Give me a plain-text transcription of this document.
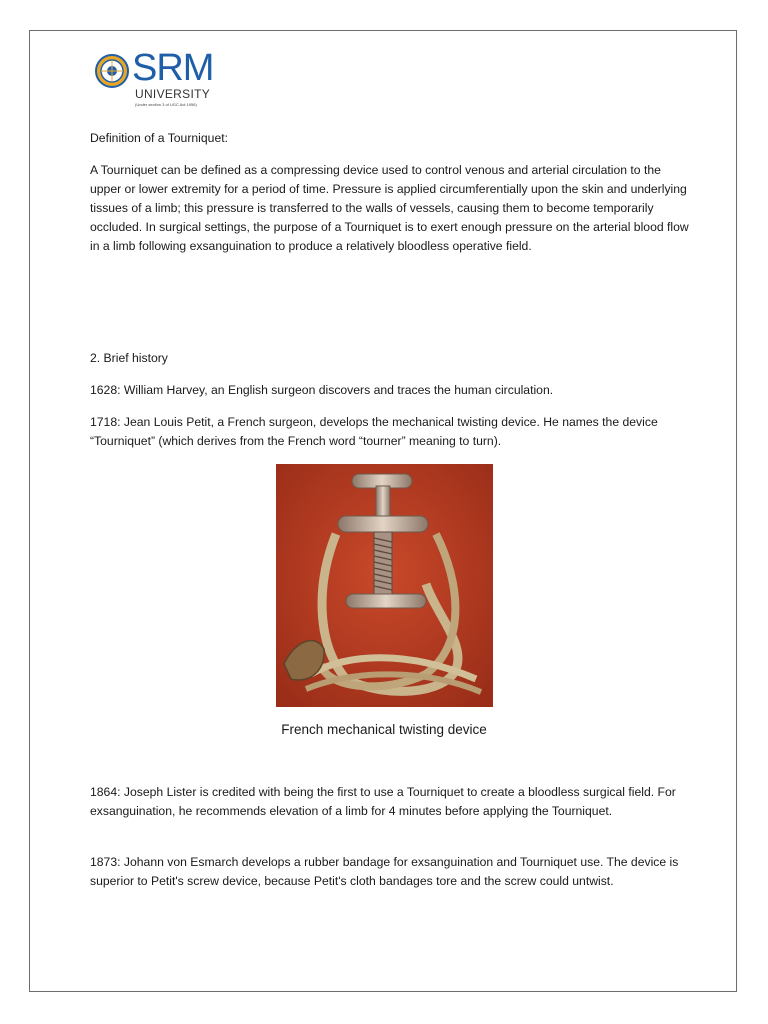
SRM
UNIVERSITY
(Under section 3 of UGC Act 1956)

Definition of a Tourniquet:

A Tourniquet can be defined as a compressing device used to control venous and arterial circulation to the upper or lower extremity for a period of time. Pressure is applied circumferentially upon the skin and underlying tissues of a limb; this pressure is transferred to the walls of vessels, causing them to become temporarily occluded. In surgical settings, the purpose of a Tourniquet is to exert enough pressure on the arterial blood flow in a limb following exsanguination to produce a relatively bloodless operative field.

2. Brief history

1628: William Harvey, an English surgeon discovers and traces the human circulation.

1718: Jean Louis Petit, a French surgeon, develops the mechanical twisting device. He names the device “Tourniquet” (which derives from the French word “tourner” meaning to turn).

French mechanical twisting device

1864: Joseph Lister is credited with being the first to use a Tourniquet to create a bloodless surgical field. For exsanguination, he recommends elevation of a limb for 4 minutes before applying the Tourniquet.

1873: Johann von Esmarch develops a rubber bandage for exsanguination and Tourniquet use. The device is superior to Petit's screw device, because Petit's cloth bandages tore and the screw could untwist.
